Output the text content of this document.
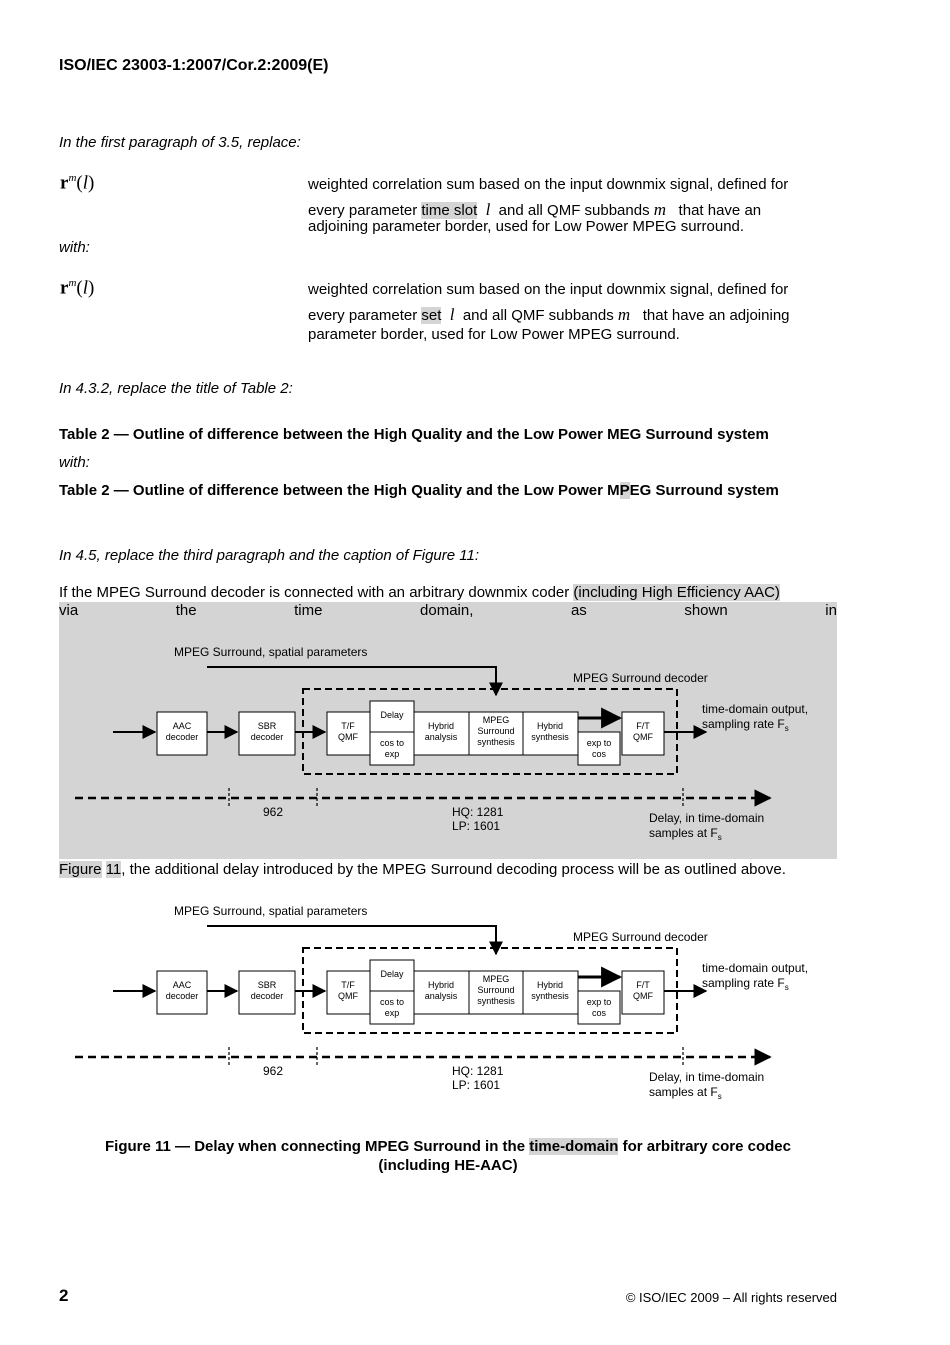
ISO/IEC 23003-1:2007/Cor.2:2009(E)
In the first paragraph of 3.5, replace:
$r^m(l)$	weighted correlation sum based on the input downmix signal, defined for
every parameter time slot l  and all QMF subbands m   that have an
adjoining parameter border, used for Low Power MPEG surround.
with:
$r^m(l)$	weighted correlation sum based on the input downmix signal, defined for
every parameter set l  and all QMF subbands m   that have an adjoining
parameter border, used for Low Power MPEG surround.
In 4.3.2, replace the title of Table 2:
Table 2 — Outline of difference between the High Quality and the Low Power MEG Surround system
with:
Table 2 — Outline of difference between the High Quality and the Low Power MPEG Surround system
In 4.5, replace the third paragraph and the caption of Figure 11:
If the MPEG Surround decoder is connected with an arbitrary downmix coder (including High Efficiency AAC)
via	the	time	domain,	as	shown	in
MPEG Surround, spatial parameters
MPEG Surround decoder
AAC
decoder
SBR
decoder
T/F
QMF
Delay
cos to
exp
Hybrid
analysis
MPEG
Surround
synthesis
Hybrid
synthesis
exp to
cos
F/T
QMF
time-domain output,
sampling rate $F_s$
962	HQ: 1281
LP: 1601
Delay, in time-domain
samples at $F_s$
Figure 11, the additional delay introduced by the MPEG Surround decoding process will be as outlined above.
MPEG Surround, spatial parameters
MPEG Surround decoder
AAC
decoder
SBR
decoder
T/F
QMF
Delay
cos to
exp
Hybrid
analysis
MPEG
Surround
synthesis
Hybrid
synthesis
exp to
cos
F/T
QMF
time-domain output,
sampling rate $F_s$
962	HQ: 1281
LP: 1601
Delay, in time-domain
samples at $F_s$
Figure 11 — Delay when connecting MPEG Surround in the time-domain for arbitrary core codec
(including HE-AAC)
2	© ISO/IEC 2009 – All rights reserved
